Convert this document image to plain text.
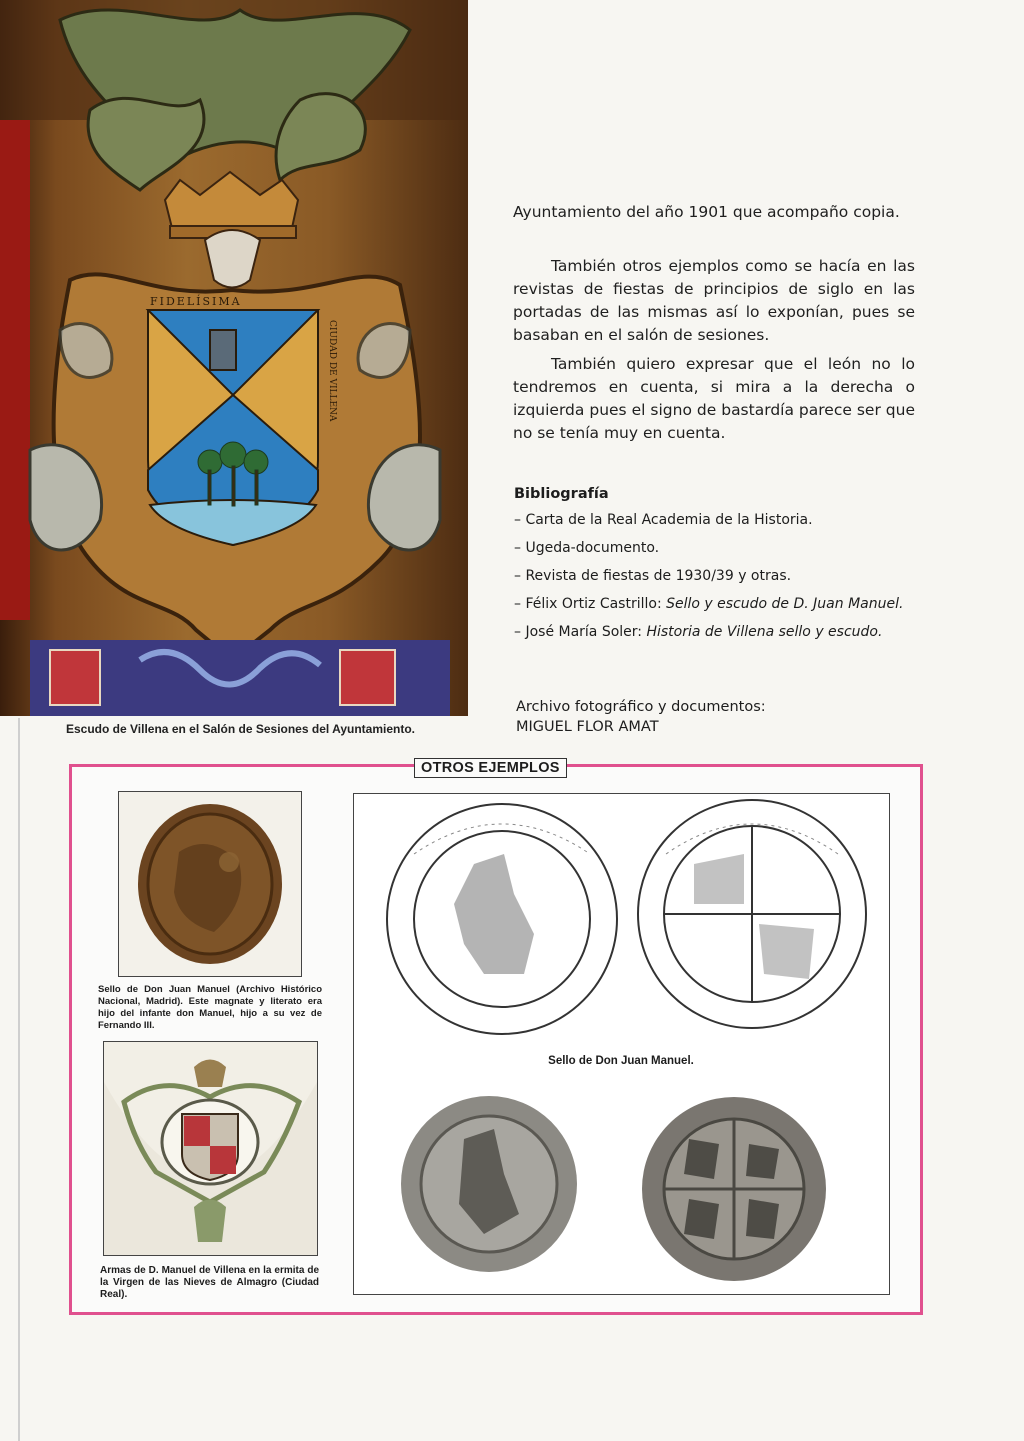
FIDELÍSIMA
CIUDAD DE VILLENA
Escudo de Villena en el Salón de Sesiones del Ayuntamiento.
Ayuntamiento del año 1901 que acompaño copia.
También otros ejemplos como se hacía en las revistas de fiestas de principios de siglo en las portadas de las mismas así lo exponían, pues se basaban en el salón de sesiones.
También quiero expresar que el león no lo tendremos en cuenta, si mira a la derecha o izquierda pues el signo de bastardía parece ser que no se tenía muy en cuenta.
Bibliografía
– Carta de la Real Academia de la Historia.
– Ugeda-documento.
– Revista de fiestas de 1930/39 y otras.
– Félix Ortiz Castrillo: Sello y escudo de D. Juan Manuel.
– José María Soler: Historia de Villena sello y escudo.
Archivo fotográfico y documentos:
MIGUEL FLOR AMAT
OTROS EJEMPLOS
Sello de Don Juan Manuel (Archivo Histórico Nacional, Madrid). Este magnate y literato era hijo del infante don Manuel, hijo a su vez de Fernando III.
Armas de D. Manuel de Villena en la ermita de la Virgen de las Nieves de Almagro (Ciudad Real).
Sello de Don Juan Manuel.
